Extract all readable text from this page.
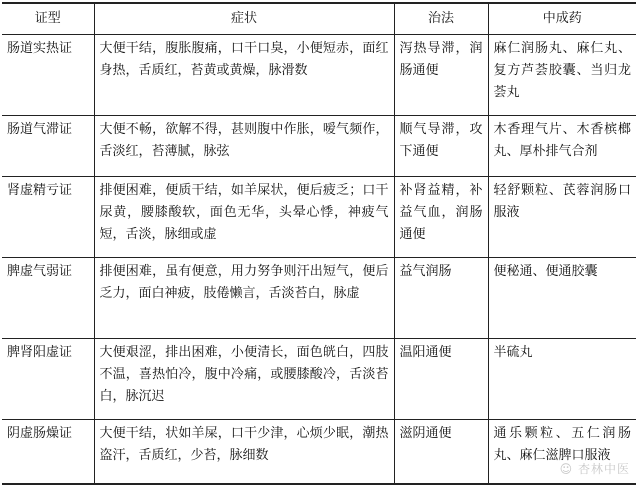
证型	症状	治法	中成药
肠道实热证	大便干结，腹胀腹痛，口干口臭，小便短赤，面红身热，舌质红，苔黄或黄燥，脉滑数	泻热导滞，润肠通便	麻仁润肠丸、麻仁丸、复方芦荟胶囊、当归龙荟丸
肠道气滞证	大便不畅，欲解不得，甚则腹中作胀，嗳气频作，舌淡红，苔薄腻，脉弦	顺气导滞，攻下通便	木香理气片、木香槟榔丸、厚朴排气合剂
肾虚精亏证	排便困难，便质干结，如羊屎状，便后疲乏；口干尿黄，腰膝酸软，面色无华，头晕心悸，神疲气短，舌淡，脉细或虚	补肾益精，补益气血，润肠通便	轻舒颗粒、芪蓉润肠口服液
脾虚气弱证	排便困难，虽有便意，用力努争则汗出短气，便后乏力，面白神疲，肢倦懒言，舌淡苔白，脉虚	益气润肠	便秘通、便通胶囊
脾肾阳虚证	大便艰涩，排出困难，小便清长，面色㿠白，四肢不温，喜热怕冷，腹中冷痛，或腰膝酸冷，舌淡苔白，脉沉迟	温阳通便	半硫丸
阴虚肠燥证	大便干结，状如羊屎，口干少津，心烦少眠，潮热盗汗，舌质红，少苔，脉细数	滋阴通便	通乐颗粒、五仁润肠丸、麻仁滋脾口服液
☺ 杏林中医
